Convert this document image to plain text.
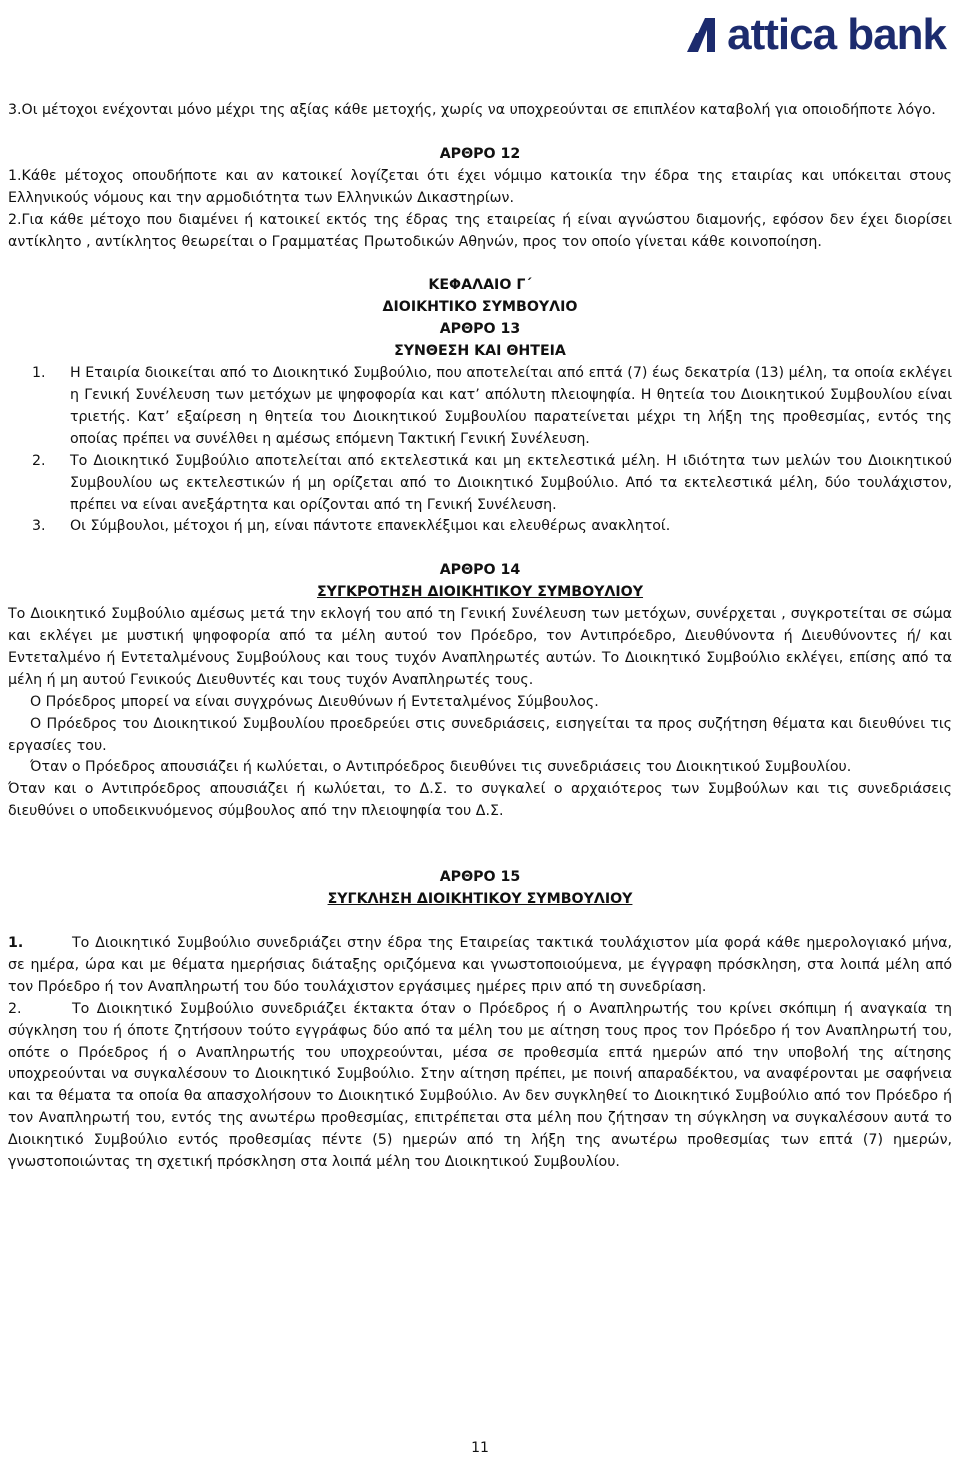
attica bank

3.Οι μέτοχοι ενέχονται μόνο μέχρι της αξίας κάθε μετοχής, χωρίς να υποχρεούνται σε επιπλέον καταβολή για οποιοδήποτε λόγο.

ΑΡΘΡΟ 12

1.Κάθε μέτοχος οπουδήποτε και αν κατοικεί λογίζεται ότι έχει νόμιμο κατοικία την έδρα της εταιρίας και υπόκειται στους Ελληνικούς νόμους και την αρμοδιότητα των Ελληνικών Δικαστηρίων.

2.Για κάθε μέτοχο που διαμένει ή κατοικεί εκτός της έδρας της εταιρείας ή είναι αγνώστου διαμονής, εφόσον δεν έχει διορίσει αντίκλητο , αντίκλητος θεωρείται ο Γραμματέας Πρωτοδικών Αθηνών, προς τον οποίο γίνεται κάθε κοινοποίηση.

ΚΕΦΑΛΑΙΟ Γ΄

ΔΙΟΙΚΗΤΙΚΟ ΣΥΜΒΟΥΛΙΟ

ΑΡΘΡΟ 13

ΣΥΝΘΕΣΗ ΚΑΙ ΘΗΤΕΙΑ

1.	Η Εταιρία διοικείται από το Διοικητικό Συμβούλιο, που αποτελείται από επτά (7) έως δεκατρία (13) μέλη, τα οποία εκλέγει η Γενική Συνέλευση των μετόχων με ψηφοφορία και κατ’ απόλυτη πλειοψηφία. Η θητεία του Διοικητικού Συμβουλίου είναι τριετής. Κατ’ εξαίρεση η θητεία του Διοικητικού Συμβουλίου παρατείνεται μέχρι τη λήξη της προθεσμίας, εντός της οποίας πρέπει να συνέλθει η αμέσως επόμενη Τακτική Γενική Συνέλευση.
2.	Το Διοικητικό Συμβούλιο αποτελείται από εκτελεστικά και μη εκτελεστικά μέλη. Η ιδιότητα των μελών του Διοικητικού Συμβουλίου ως εκτελεστικών ή μη ορίζεται από το Διοικητικό Συμβούλιο. Από τα εκτελεστικά μέλη, δύο τουλάχιστον, πρέπει να είναι ανεξάρτητα και ορίζονται από τη Γενική Συνέλευση.
3.	Οι Σύμβουλοι, μέτοχοι ή μη, είναι πάντοτε επανεκλέξιμοι και ελευθέρως ανακλητοί.

ΑΡΘΡΟ 14

ΣΥΓΚΡΟΤΗΣΗ ΔΙΟΙΚΗΤΙΚΟΥ ΣΥΜΒΟΥΛΙΟΥ

Το Διοικητικό Συμβούλιο αμέσως μετά την εκλογή του από τη Γενική Συνέλευση των μετόχων, συνέρχεται , συγκροτείται σε σώμα και εκλέγει με μυστική ψηφοφορία από τα μέλη αυτού τον Πρόεδρο, τον Αντιπρόεδρο, Διευθύνοντα ή Διευθύνοντες ή/ και Εντεταλμένο ή Εντεταλμένους Συμβούλους και τους τυχόν Αναπληρωτές αυτών. Το Διοικητικό Συμβούλιο εκλέγει, επίσης από τα μέλη ή μη αυτού Γενικούς Διευθυντές και τους τυχόν Αναπληρωτές τους.

Ο Πρόεδρος μπορεί να είναι συγχρόνως Διευθύνων ή Εντεταλμένος Σύμβουλος.

Ο Πρόεδρος του Διοικητικού Συμβουλίου προεδρεύει στις συνεδριάσεις, εισηγείται τα προς συζήτηση θέματα και διευθύνει τις εργασίες του.

Όταν ο Πρόεδρος απουσιάζει ή κωλύεται, ο Αντιπρόεδρος διευθύνει τις συνεδριάσεις του Διοικητικού Συμβουλίου.

Όταν και ο Αντιπρόεδρος απουσιάζει ή κωλύεται, το Δ.Σ. το συγκαλεί ο αρχαιότερος των Συμβούλων και τις συνεδριάσεις διευθύνει ο υποδεικνυόμενος σύμβουλος από την πλειοψηφία του Δ.Σ.

ΑΡΘΡΟ 15

ΣΥΓΚΛΗΣΗ ΔΙΟΙΚΗΤΙΚΟΥ ΣΥΜΒΟΥΛΙΟΥ

1.	Το Διοικητικό Συμβούλιο συνεδριάζει στην έδρα της Εταιρείας τακτικά τουλάχιστον μία φορά κάθε ημερολογιακό μήνα, σε ημέρα, ώρα και με θέματα ημερήσιας διάταξης οριζόμενα και γνωστοποιούμενα, με έγγραφη πρόσκληση, στα λοιπά μέλη από τον Πρόεδρο ή τον Αναπληρωτή του δύο τουλάχιστον εργάσιμες ημέρες πριν από τη συνεδρίαση.

2.	Το Διοικητικό Συμβούλιο συνεδριάζει έκτακτα όταν ο Πρόεδρος ή ο Αναπληρωτής του κρίνει σκόπιμη ή αναγκαία τη σύγκληση του ή όποτε ζητήσουν τούτο εγγράφως δύο από τα μέλη του με αίτηση τους προς τον Πρόεδρο ή τον Αναπληρωτή του, οπότε ο Πρόεδρος ή ο Αναπληρωτής του υποχρεούνται, μέσα σε προθεσμία επτά ημερών από την υποβολή της αίτησης υποχρεούνται να συγκαλέσουν το Διοικητικό Συμβούλιο. Στην αίτηση πρέπει, με ποινή απαραδέκτου, να αναφέρονται με σαφήνεια και τα θέματα τα οποία θα απασχολήσουν το Διοικητικό Συμβούλιο. Αν δεν συγκληθεί το Διοικητικό Συμβούλιο από τον Πρόεδρο ή τον Αναπληρωτή του, εντός της ανωτέρω προθεσμίας, επιτρέπεται στα μέλη που ζήτησαν τη σύγκληση να συγκαλέσουν αυτά το Διοικητικό Συμβούλιο εντός προθεσμίας πέντε (5) ημερών από τη λήξη της ανωτέρω προθεσμίας των επτά (7) ημερών, γνωστοποιώντας τη σχετική πρόσκληση στα λοιπά μέλη του Διοικητικού Συμβουλίου.

11
